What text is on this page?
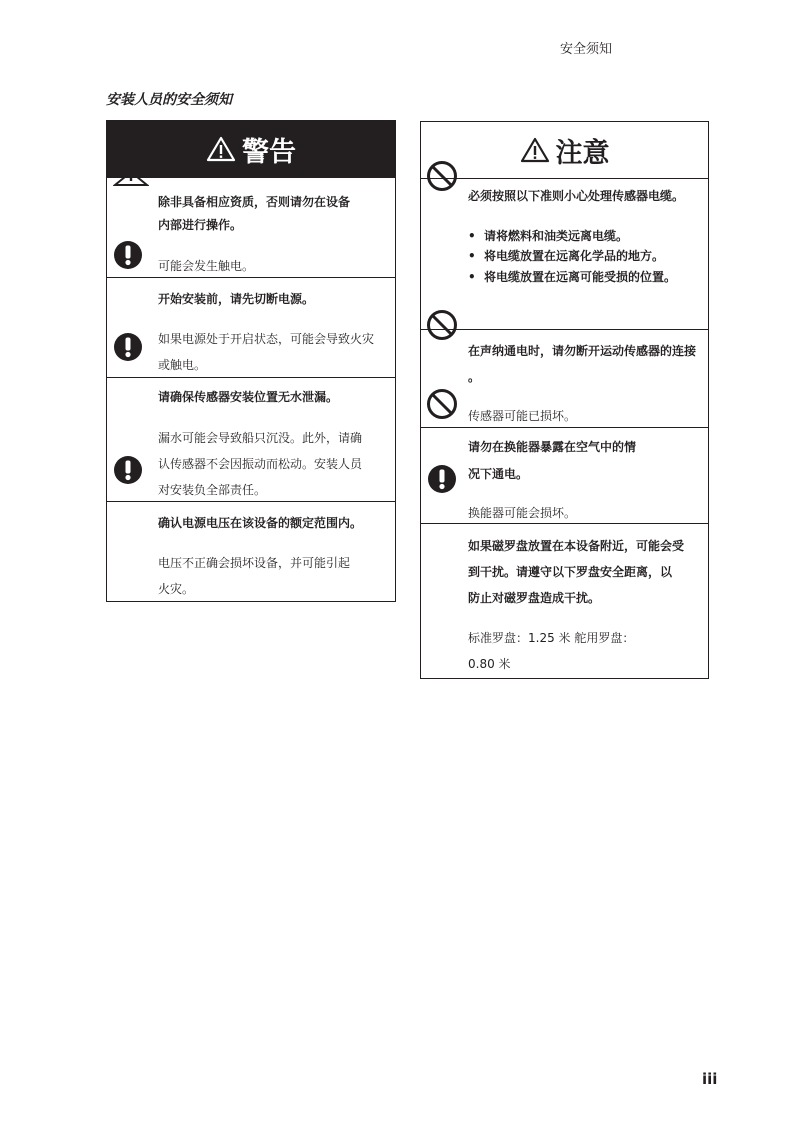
安全须知
安装人员的安全须知
警告
除非具备相应资质，否则请勿在设备
内部进行操作。
可能会发生触电。
开始安装前，请先切断电源。
如果电源处于开启状态，可能会导致火灾
或触电。
请确保传感器安装位置无水泄漏。
漏水可能会导致船只沉没。此外，请确
认传感器不会因振动而松动。安装人员
对安装负全部责任。
确认电源电压在该设备的额定范围内。
电压不正确会损坏设备，并可能引起
火灾。
注意
必须按照以下准则小心处理传感器电缆。
•  请将燃料和油类远离电缆。
•  将电缆放置在远离化学品的地方。
•  将电缆放置在远离可能受损的位置。
在声纳通电时，请勿断开运动传感器的连接
。
传感器可能已损坏。
请勿在换能器暴露在空气中的情
况下通电。
换能器可能会损坏。
如果磁罗盘放置在本设备附近，可能会受
到干扰。请遵守以下罗盘安全距离，以
防止对磁罗盘造成干扰。
标准罗盘：1.25 米 舵用罗盘：
0.80 米
iii
